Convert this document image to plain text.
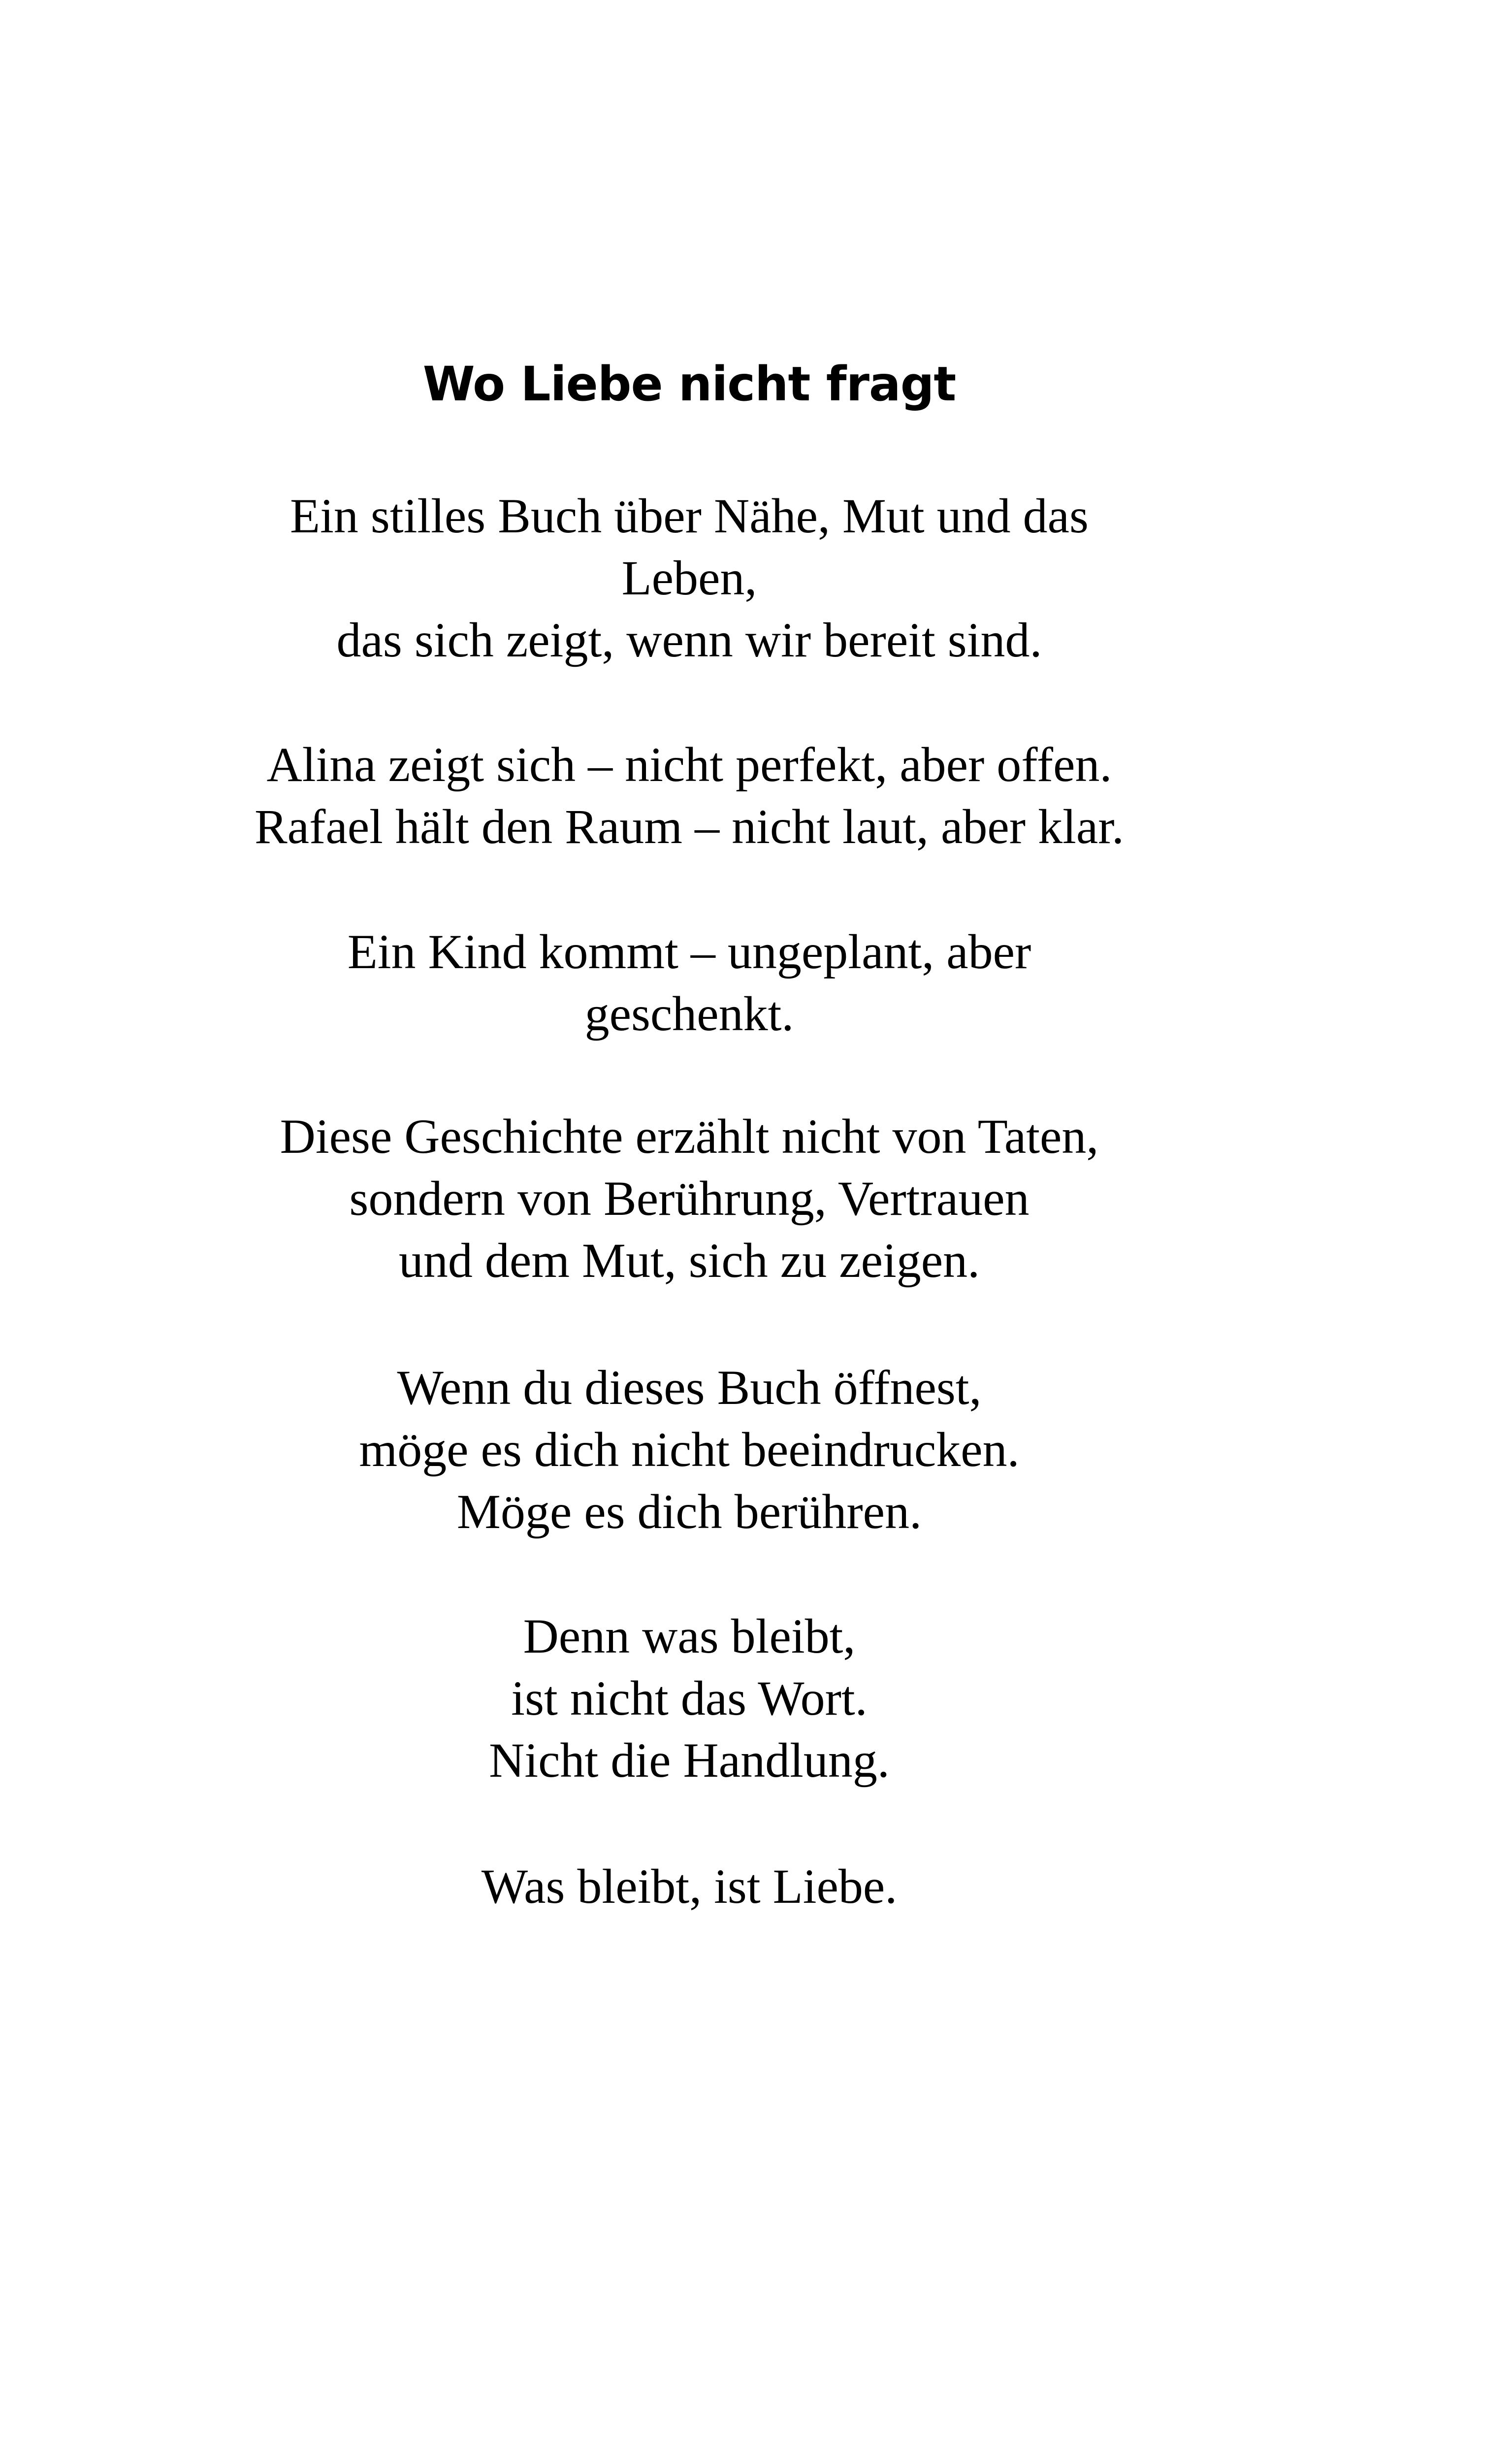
Wo Liebe nicht fragt
Ein stilles Buch über Nähe, Mut und das
Leben,
das sich zeigt, wenn wir bereit sind.
Alina zeigt sich – nicht perfekt, aber offen.
Rafael hält den Raum – nicht laut, aber klar.
Ein Kind kommt – ungeplant, aber
geschenkt.
Diese Geschichte erzählt nicht von Taten,
sondern von Berührung, Vertrauen
und dem Mut, sich zu zeigen.
Wenn du dieses Buch öffnest,
möge es dich nicht beeindrucken.
Möge es dich berühren.
Denn was bleibt,
ist nicht das Wort.
Nicht die Handlung.
Was bleibt, ist Liebe.
